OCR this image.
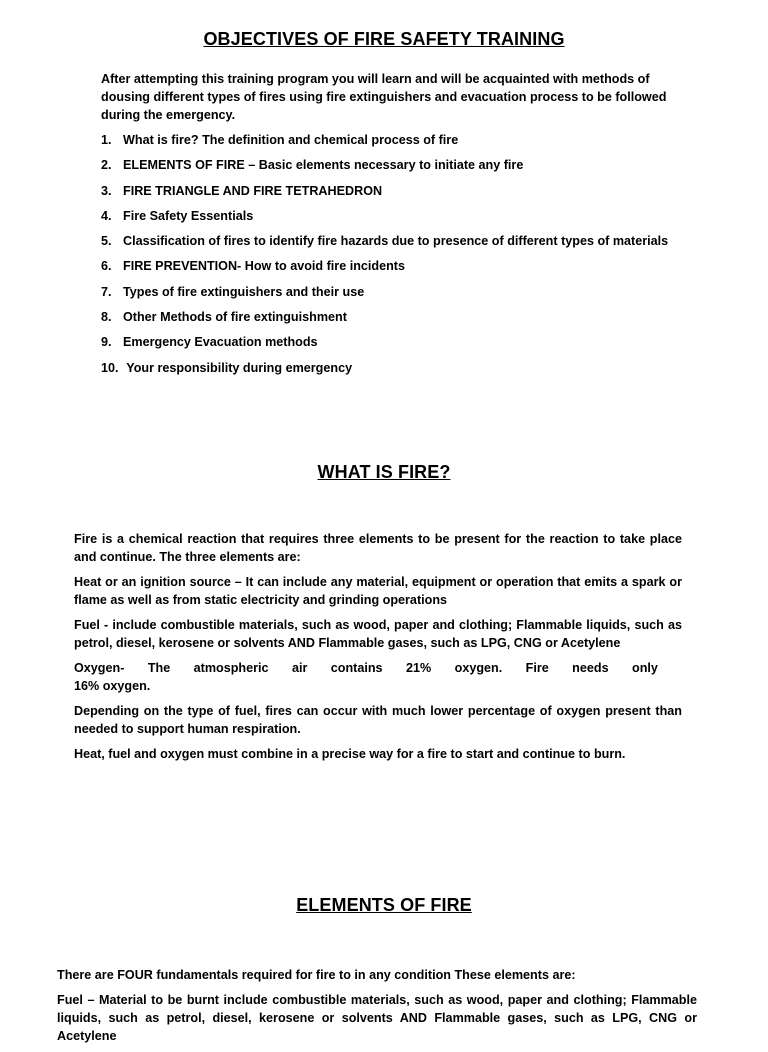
OBJECTIVES OF FIRE SAFETY TRAINING
After attempting this training program you will learn and will be acquainted with methods of
dousing different types of fires using fire extinguishers and evacuation process to be followed
during the emergency.
1. What is fire? The definition and chemical process of fire
2. ELEMENTS OF FIRE – Basic elements necessary to initiate any fire
3. FIRE TRIANGLE AND FIRE TETRAHEDRON
4. Fire Safety Essentials
5. Classification of fires to identify fire hazards due to presence of different types of materials
6. FIRE PREVENTION- How to avoid fire incidents
7. Types of fire extinguishers and their use
8. Other Methods of fire extinguishment
9. Emergency Evacuation methods
10. Your responsibility during emergency
WHAT IS FIRE?

Fire is a chemical reaction that requires three elements to be present for the reaction to take place and continue. The three elements are:

Heat or an ignition source – It can include any material, equipment or operation that emits a spark or flame as well as from static electricity and grinding operations

Fuel - include combustible materials, such as wood, paper and clothing; Flammable liquids, such as petrol, diesel, kerosene or solvents AND Flammable gases, such as LPG, CNG or Acetylene

Oxygen- The atmospheric air contains 21% oxygen. Fire needs only
16% oxygen.

Depending on the type of fuel, fires can occur with much lower percentage of oxygen present than needed to support human respiration.

Heat, fuel and oxygen must combine in a precise way for a fire to start and continue to burn.

ELEMENTS OF FIRE

There are FOUR fundamentals required for fire to in any condition These elements are:

Fuel – Material to be burnt include combustible materials, such as wood, paper and clothing; Flammable liquids, such as petrol, diesel, kerosene or solvents AND Flammable gases, such as LPG, CNG or Acetylene
